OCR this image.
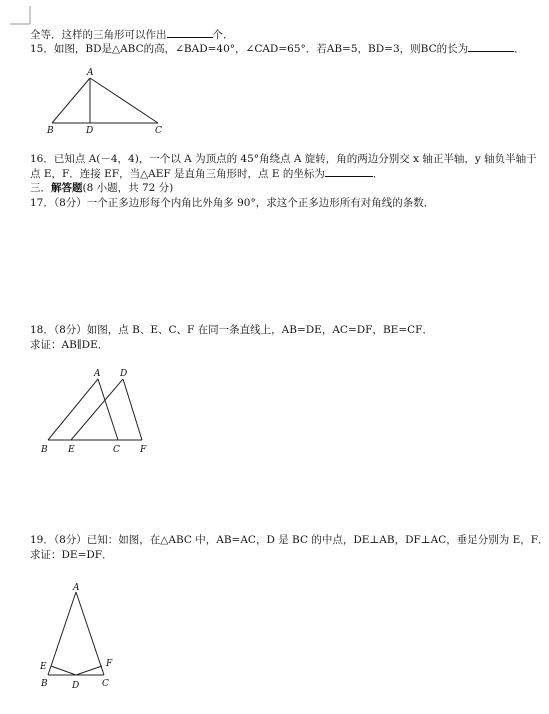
全等．这样的三角形可以作出	个．
15．如图，BD是△ABC的高，∠BAD=40°，∠CAD=65°．若AB=5，BD=3，则BC的长为	．
A
B	D	C
16．已知点 A(－4，4)，一个以 A 为顶点的 45°角绕点 A 旋转，角的两边分别交 x 轴正半轴，y 轴负半轴于
点 E，F．连接 EF，当△AEF 是直角三角形时，点 E 的坐标为	．
三．解答题(8 小题，共 72 分)
17．（8分）一个正多边形每个内角比外角多 90°，求这个正多边形所有对角线的条数．
18．（8分）如图，点 B、E、C、F 在同一条直线上，AB=DE，AC=DF，BE=CF．
求证：AB∥DE．
A D
B E	C F
19．（8分）已知：如图，在△ABC 中，AB=AC，D 是 BC 的中点，DE⊥AB，DF⊥AC，垂足分别为 E，F．
求证：DE=DF．
A
E	F
B	D	C
